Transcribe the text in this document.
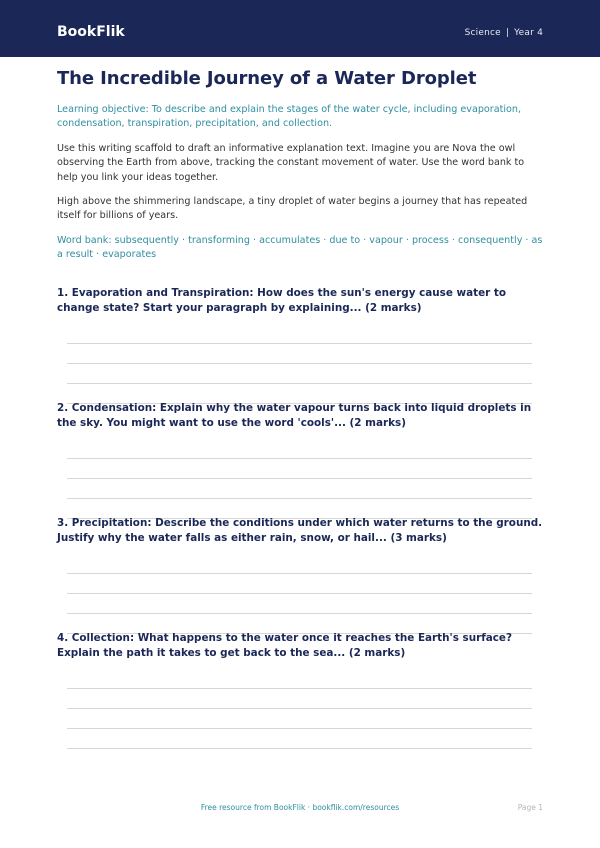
BookFlik	Science | Year 4
The Incredible Journey of a Water Droplet

Learning objective: To describe and explain the stages of the water cycle, including evaporation, condensation, transpiration, precipitation, and collection.

Use this writing scaffold to draft an informative explanation text. Imagine you are Nova the owl observing the Earth from above, tracking the constant movement of water. Use the word bank to help you link your ideas together.

High above the shimmering landscape, a tiny droplet of water begins a journey that has repeated itself for billions of years.

Word bank: subsequently · transforming · accumulates · due to · vapour · process · consequently · as a result · evaporates

1. Evaporation and Transpiration: How does the sun's energy cause water to change state? Start your paragraph by explaining... (2 marks)

2. Condensation: Explain why the water vapour turns back into liquid droplets in the sky. You might want to use the word 'cools'... (2 marks)

3. Precipitation: Describe the conditions under which water returns to the ground. Justify why the water falls as either rain, snow, or hail... (3 marks)

4. Collection: What happens to the water once it reaches the Earth's surface? Explain the path it takes to get back to the sea... (2 marks)

Free resource from BookFlik · bookflik.com/resources	Page 1
